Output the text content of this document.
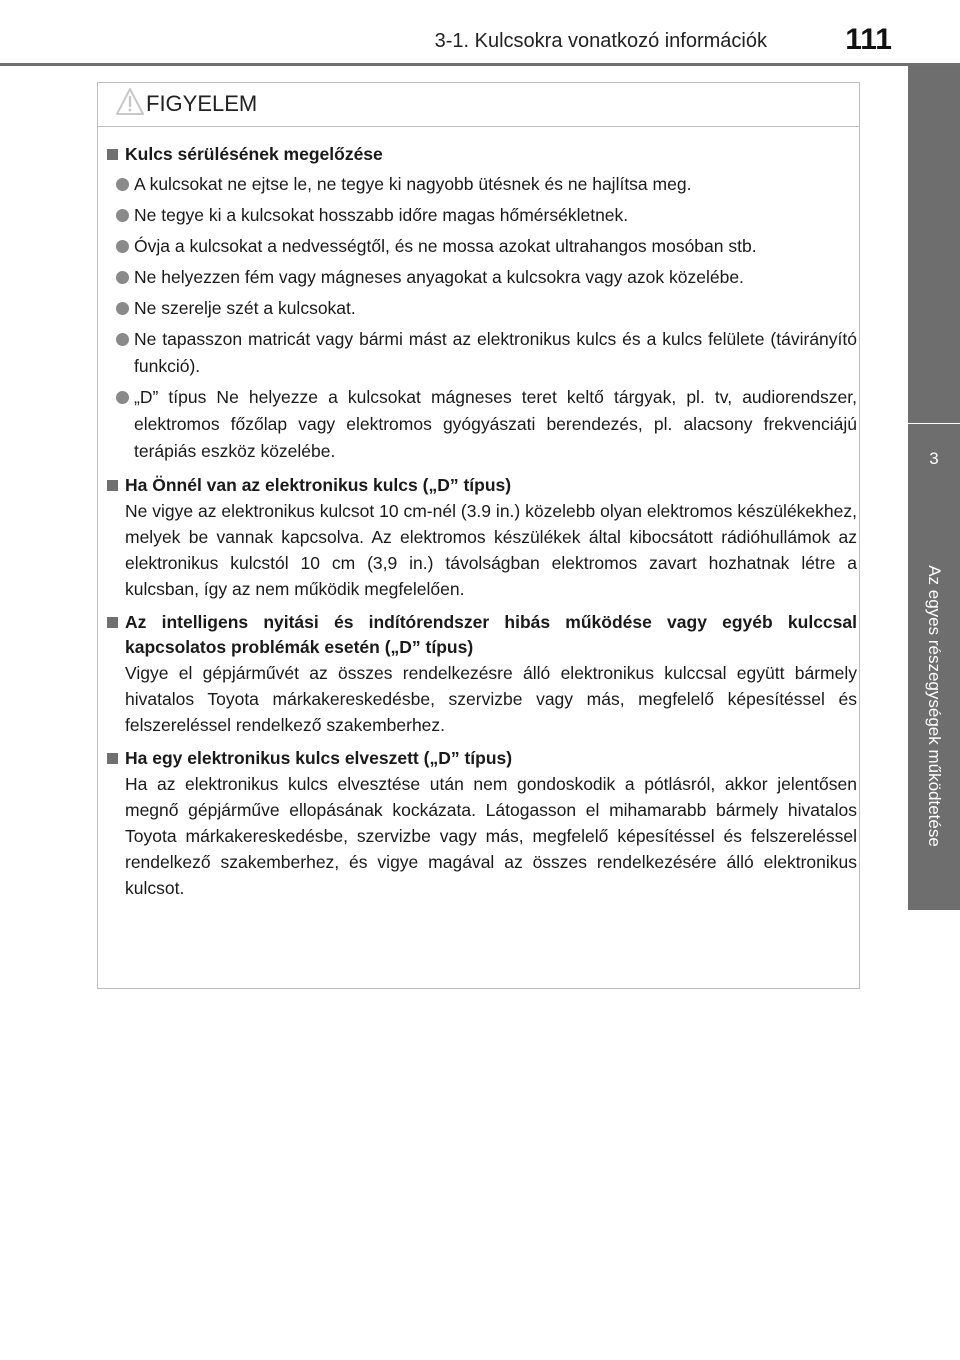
3-1. Kulcsokra vonatkozó információk	111
3
Az egyes részegységek működtetése
FIGYELEM
Kulcs sérülésének megelőzése
A kulcsokat ne ejtse le, ne tegye ki nagyobb ütésnek és ne hajlítsa meg.
Ne tegye ki a kulcsokat hosszabb időre magas hőmérsékletnek.
Óvja a kulcsokat a nedvességtől, és ne mossa azokat ultrahangos mosóban stb.
Ne helyezzen fém vagy mágneses anyagokat a kulcsokra vagy azok közelébe.
Ne szerelje szét a kulcsokat.
Ne tapasszon matricát vagy bármi mást az elektronikus kulcs és a kulcs felülete (távirányító funkció).
„D” típus Ne helyezze a kulcsokat mágneses teret keltő tárgyak, pl. tv, audiorendszer, elektromos főzőlap vagy elektromos gyógyászati berendezés, pl. alacsony frekvenciájú terápiás eszköz közelébe.
Ha Önnél van az elektronikus kulcs („D” típus)
Ne vigye az elektronikus kulcsot 10 cm-nél (3.9 in.) közelebb olyan elektromos készülékekhez, melyek be vannak kapcsolva. Az elektromos készülékek által kibocsátott rádióhullámok az elektronikus kulcstól 10 cm (3,9 in.) távolságban elektromos zavart hozhatnak létre a kulcsban, így az nem működik megfelelően.
Az intelligens nyitási és indítórendszer hibás működése vagy egyéb kulccsal kapcsolatos problémák esetén („D” típus)
Vigye el gépjárművét az összes rendelkezésre álló elektronikus kulccsal együtt bármely hivatalos Toyota márkakereskedésbe, szervizbe vagy más, megfelelő képesítéssel és felszereléssel rendelkező szakemberhez.
Ha egy elektronikus kulcs elveszett („D” típus)
Ha az elektronikus kulcs elvesztése után nem gondoskodik a pótlásról, akkor jelentősen megnő gépjárműve ellopásának kockázata. Látogasson el mihamarabb bármely hivatalos Toyota márkakereskedésbe, szervizbe vagy más, megfelelő képesítéssel és felszereléssel rendelkező szakemberhez, és vigye magával az összes rendelkezésére álló elektronikus kulcsot.
